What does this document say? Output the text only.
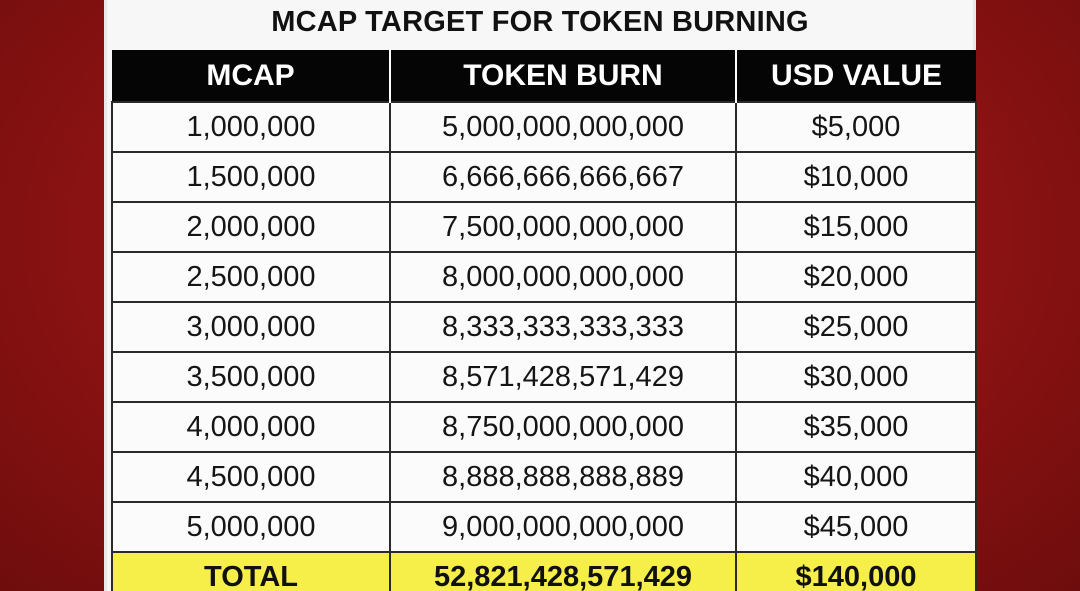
MCAP TARGET FOR TOKEN BURNING
MCAP	TOKEN BURN	USD VALUE
1,000,000	5,000,000,000,000	$5,000
1,500,000	6,666,666,666,667	$10,000
2,000,000	7,500,000,000,000	$15,000
2,500,000	8,000,000,000,000	$20,000
3,000,000	8,333,333,333,333	$25,000
3,500,000	8,571,428,571,429	$30,000
4,000,000	8,750,000,000,000	$35,000
4,500,000	8,888,888,888,889	$40,000
5,000,000	9,000,000,000,000	$45,000
TOTAL	52,821,428,571,429	$140,000
